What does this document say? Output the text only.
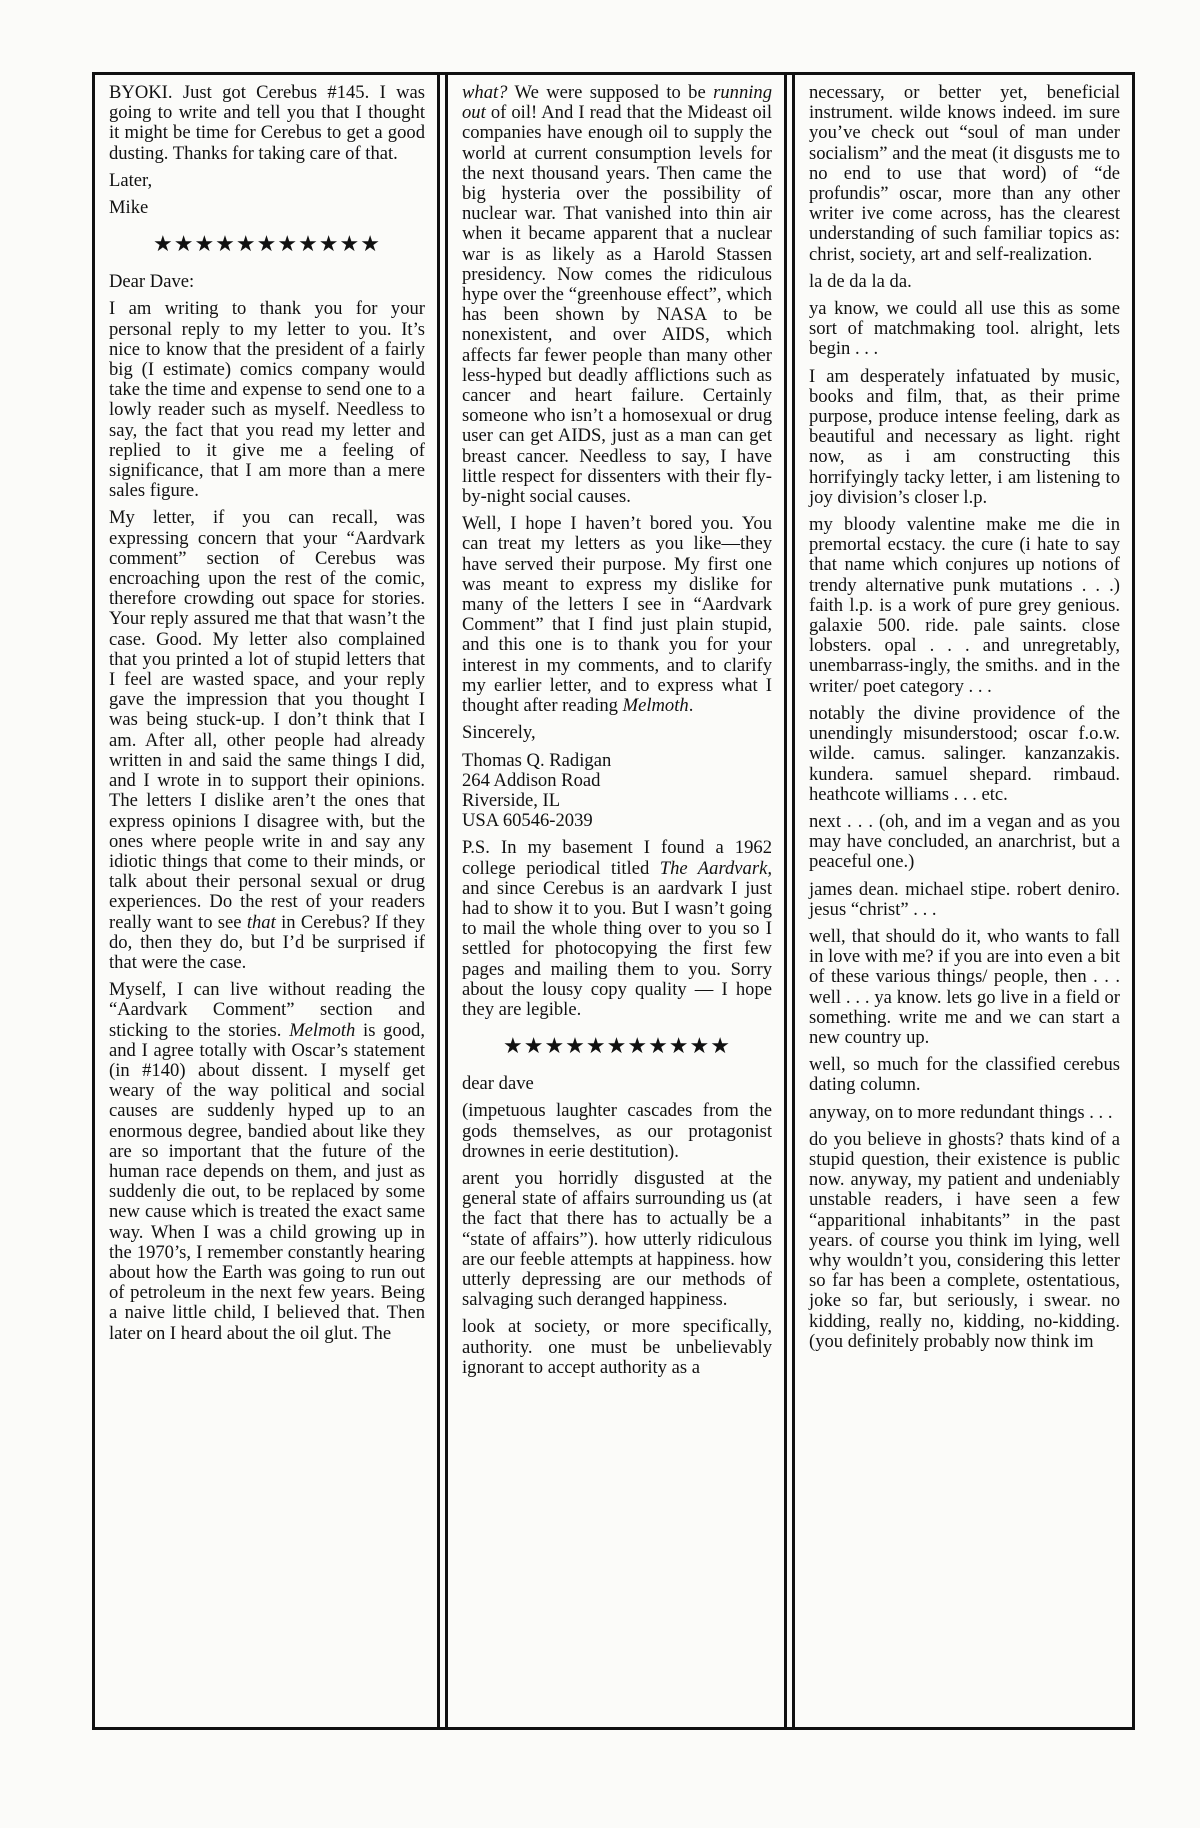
BYOKI. Just got Cerebus #145. I was going to write and tell you that I thought it might be time for Cerebus to get a good dusting. Thanks for taking care of that.

Later,

Mike

★★★★★★★★★★★

Dear Dave:

I am writing to thank you for your personal reply to my letter to you. It’s nice to know that the president of a fairly big (I estimate) comics company would take the time and expense to send one to a lowly reader such as myself. Needless to say, the fact that you read my letter and replied to it give me a feeling of significance, that I am more than a mere sales figure.

My letter, if you can recall, was expressing concern that your “Aardvark comment” section of Cerebus was encroaching upon the rest of the comic, therefore crowding out space for stories. Your reply assured me that that wasn’t the case. Good. My letter also complained that you printed a lot of stupid letters that I feel are wasted space, and your reply gave the impression that you thought I was being stuck-up. I don’t think that I am. After all, other people had already written in and said the same things I did, and I wrote in to support their opinions. The letters I dislike aren’t the ones that express opinions I disagree with, but the ones where people write in and say any idiotic things that come to their minds, or talk about their personal sexual or drug experiences. Do the rest of your readers really want to see that in Cerebus? If they do, then they do, but I’d be surprised if that were the case.

Myself, I can live without reading the “Aardvark Comment” section and sticking to the stories. Melmoth is good, and I agree totally with Oscar’s statement (in #140) about dissent. I myself get weary of the way political and social causes are suddenly hyped up to an enormous degree, bandied about like they are so important that the future of the human race depends on them, and just as suddenly die out, to be replaced by some new cause which is treated the exact same way. When I was a child growing up in the 1970’s, I remember constantly hearing about how the Earth was going to run out of petroleum in the next few years. Being a naive little child, I believed that. Then later on I heard about the oil glut. The

what? We were supposed to be running out of oil! And I read that the Mideast oil companies have enough oil to supply the world at current consumption levels for the next thousand years. Then came the big hysteria over the possibility of nuclear war. That vanished into thin air when it became apparent that a nuclear war is as likely as a Harold Stassen presidency. Now comes the ridiculous hype over the “greenhouse effect”, which has been shown by NASA to be nonexistent, and over AIDS, which affects far fewer people than many other less-hyped but deadly afflictions such as cancer and heart failure. Certainly someone who isn’t a homosexual or drug user can get AIDS, just as a man can get breast cancer. Needless to say, I have little respect for dissenters with their fly-by-night social causes.

Well, I hope I haven’t bored you. You can treat my letters as you like—they have served their purpose. My first one was meant to express my dislike for many of the letters I see in “Aardvark Comment” that I find just plain stupid, and this one is to thank you for your interest in my comments, and to clarify my earlier letter, and to express what I thought after reading Melmoth.

Sincerely,

Thomas Q. Radigan

264 Addison Road

Riverside, IL

USA 60546-2039

P.S. In my basement I found a 1962 college periodical titled The Aardvark, and since Cerebus is an aardvark I just had to show it to you. But I wasn’t going to mail the whole thing over to you so I settled for photocopying the first few pages and mailing them to you. Sorry about the lousy copy quality — I hope they are legible.

★★★★★★★★★★★

dear dave

(impetuous laughter cascades from the gods themselves, as our protagonist drownes in eerie destitution).

arent you horridly disgusted at the general state of affairs surrounding us (at the fact that there has to actually be a “state of affairs”). how utterly ridiculous are our feeble attempts at happiness. how utterly depressing are our methods of salvaging such deranged happiness.

look at society, or more specifically, authority. one must be unbelievably ignorant to accept authority as a

necessary, or better yet, beneficial instrument. wilde knows indeed. im sure you’ve check out “soul of man under socialism” and the meat (it disgusts me to no end to use that word) of “de profundis” oscar, more than any other writer ive come across, has the clearest understanding of such familiar topics as: christ, society, art and self-realization.

la de da la da.

ya know, we could all use this as some sort of matchmaking tool. alright, lets begin . . .

I am desperately infatuated by music, books and film, that, as their prime purpose, produce intense feeling, dark as beautiful and necessary as light. right now, as i am constructing this horrifyingly tacky letter, i am listening to joy division’s closer l.p.

my bloody valentine make me die in premortal ecstacy. the cure (i hate to say that name which conjures up notions of trendy alternative punk mutations . . .) faith l.p. is a work of pure grey genious. galaxie 500. ride. pale saints. close lobsters. opal . . . and unregretably, unembarrass-ingly, the smiths. and in the writer/ poet category . . .

notably the divine providence of the unendingly misunderstood; oscar f.o.w. wilde. camus. salinger. kanzanzakis. kundera. samuel shepard. rimbaud. heathcote williams . . . etc.

next . . . (oh, and im a vegan and as you may have concluded, an anarchrist, but a peaceful one.)

james dean. michael stipe. robert deniro. jesus “christ” . . .

well, that should do it, who wants to fall in love with me? if you are into even a bit of these various things/ people, then . . . well . . . ya know. lets go live in a field or something. write me and we can start a new country up.

well, so much for the classified cerebus dating column.

anyway, on to more redundant things . . .

do you believe in ghosts? thats kind of a stupid question, their existence is public now. anyway, my patient and undeniably unstable readers, i have seen a few “apparitional inhabitants” in the past years. of course you think im lying, well why wouldn’t you, considering this letter so far has been a complete, ostentatious, joke so far, but seriously, i swear. no kidding, really no, kidding, no-kidding. (you definitely probably now think im
